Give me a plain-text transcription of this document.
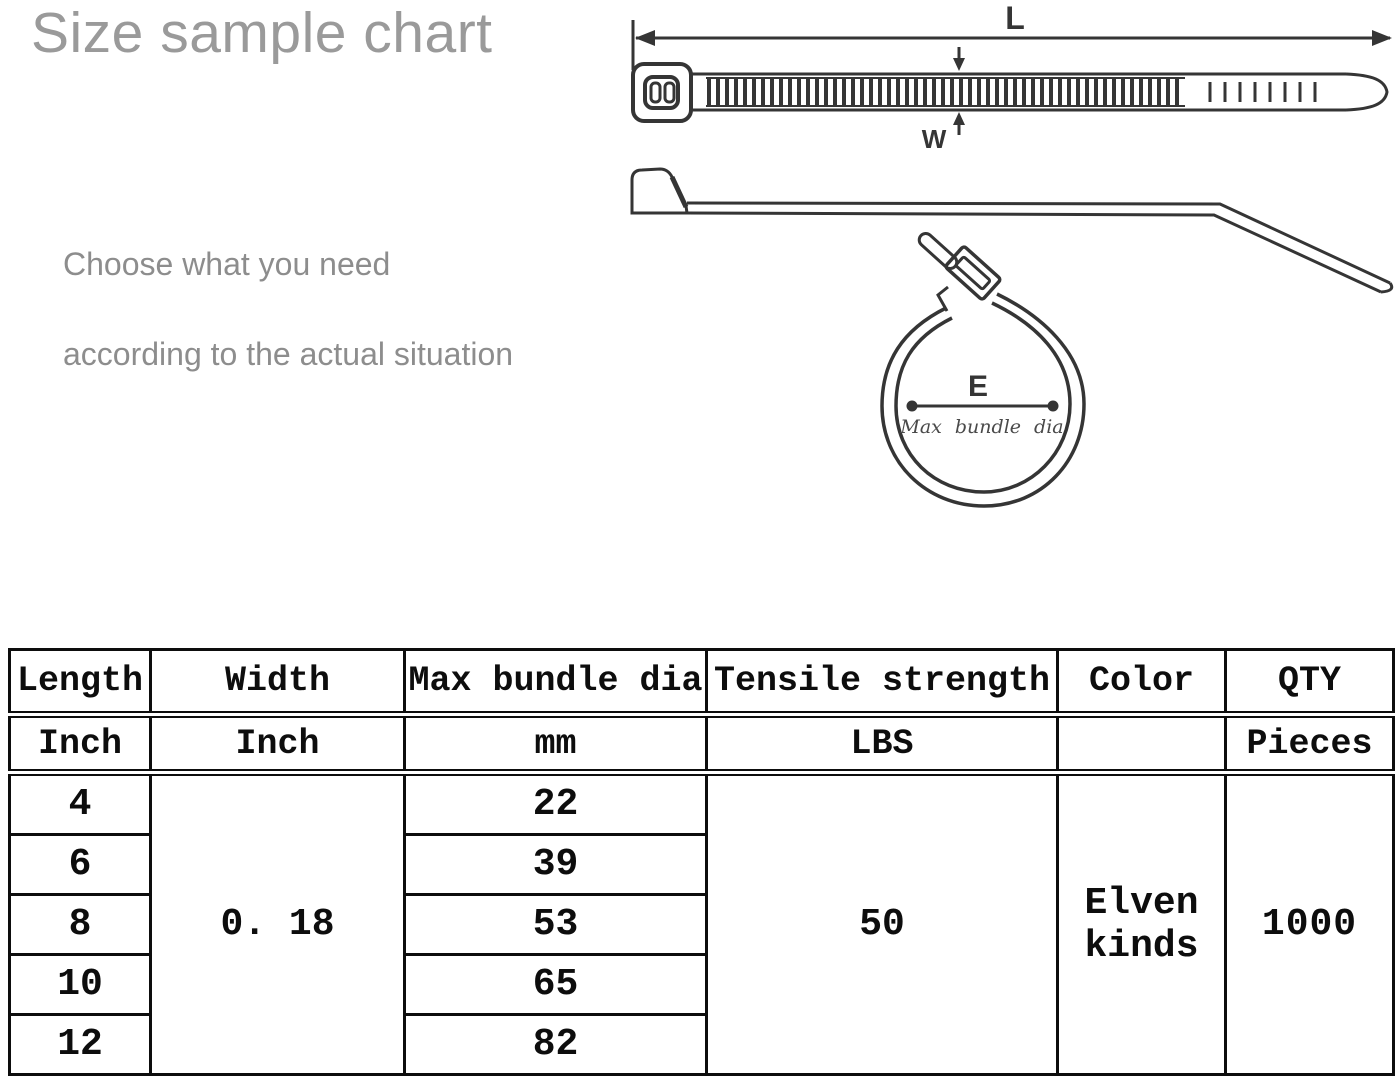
Size sample chart
Choose what you need
according to the actual situation
L
W
E
Max bundle dia
Length	Width	Max bundle dia	Tensile strength	Color	QTY
Inch	Inch	mm	LBS		Pieces
4	0. 18	22	50	Elven kinds	1000
6		39			
8		53			
10		65			
12		82			
